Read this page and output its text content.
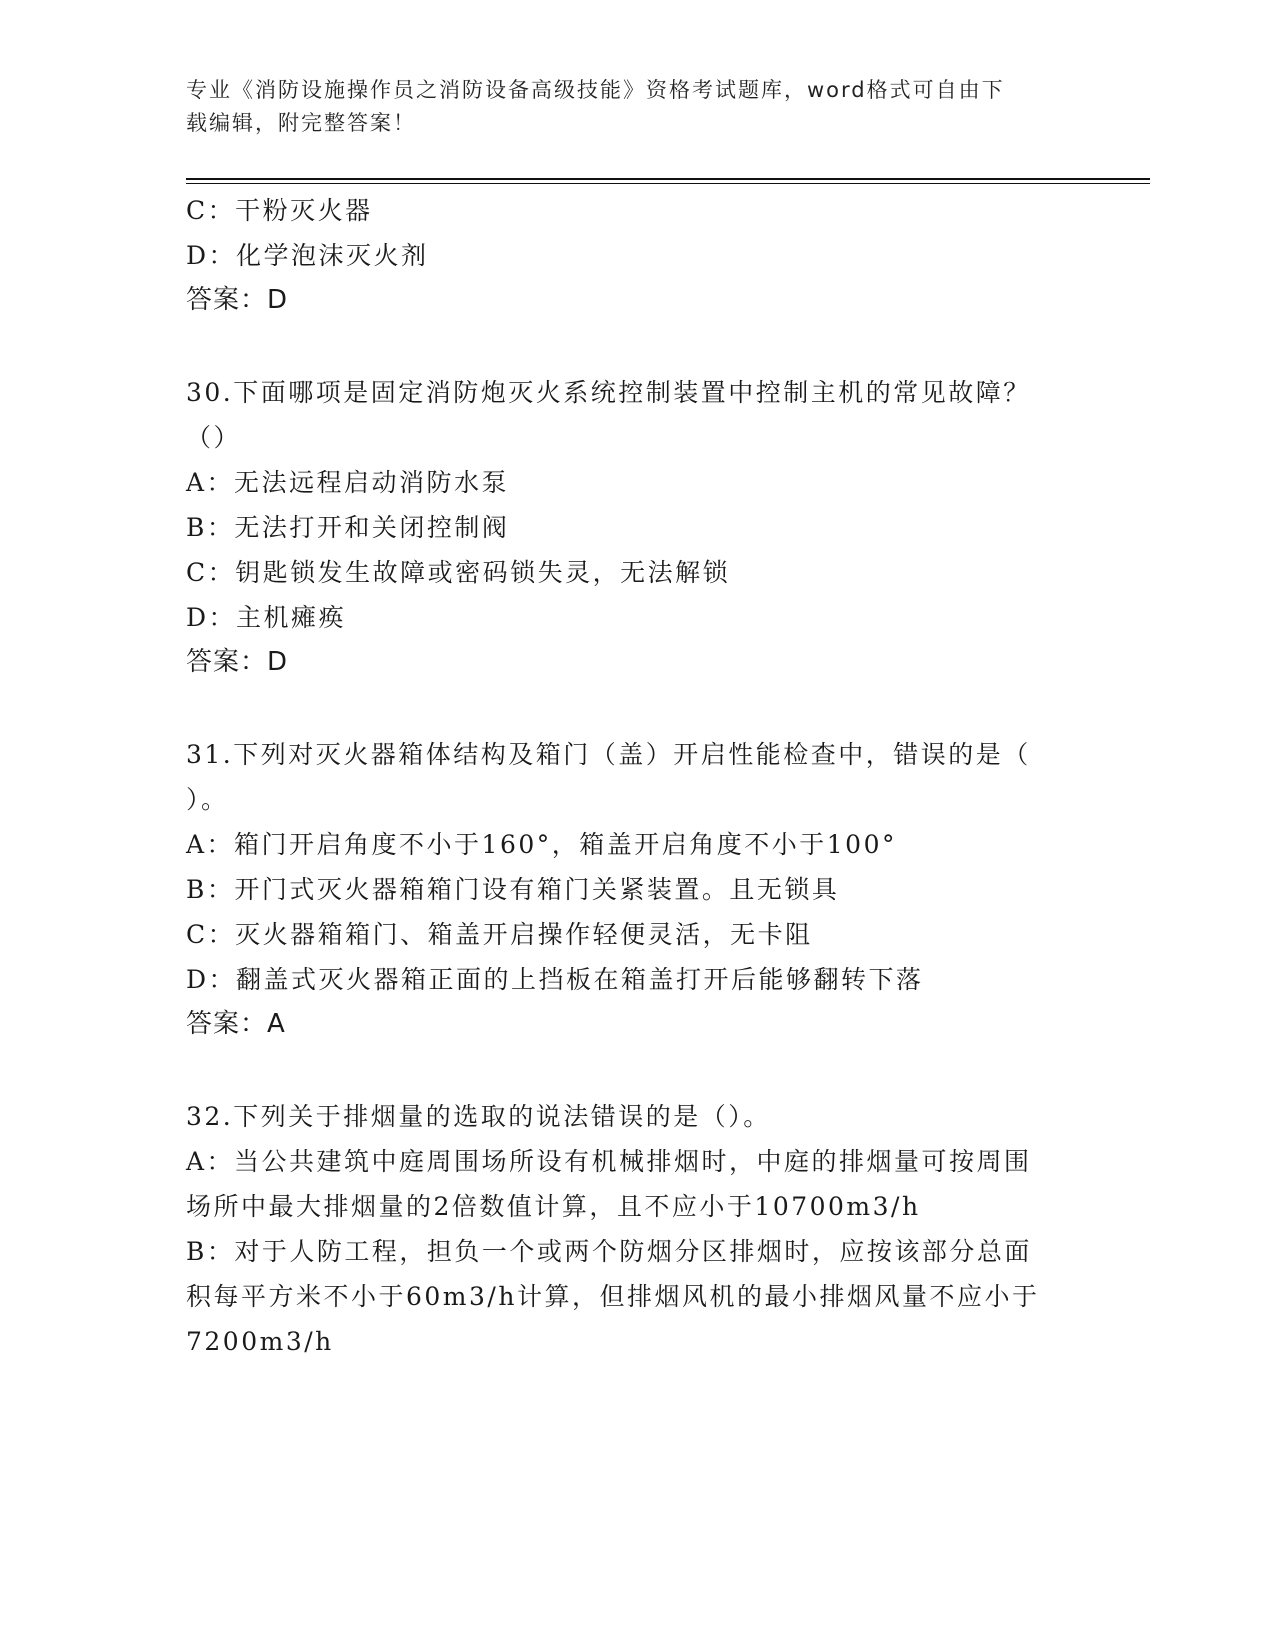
专业《消防设施操作员之消防设备高级技能》资格考试题库，word格式可自由下
载编辑，附完整答案！
C：干粉灭火器
D：化学泡沫灭火剂
答案：D
30.下面哪项是固定消防炮灭火系统控制装置中控制主机的常见故障？
（）
A：无法远程启动消防水泵
B：无法打开和关闭控制阀
C：钥匙锁发生故障或密码锁失灵，无法解锁
D：主机瘫痪
答案：D
31.下列对灭火器箱体结构及箱门（盖）开启性能检查中，错误的是（
）。
A：箱门开启角度不小于160°，箱盖开启角度不小于100°
B：开门式灭火器箱箱门设有箱门关紧装置。且无锁具
C：灭火器箱箱门、箱盖开启操作轻便灵活，无卡阻
D：翻盖式灭火器箱正面的上挡板在箱盖打开后能够翻转下落
答案：A
32.下列关于排烟量的选取的说法错误的是（）。
A：当公共建筑中庭周围场所设有机械排烟时，中庭的排烟量可按周围
场所中最大排烟量的2倍数值计算，且不应小于10700m3/h
B：对于人防工程，担负一个或两个防烟分区排烟时，应按该部分总面
积每平方米不小于60m3/h计算，但排烟风机的最小排烟风量不应小于
7200m3/h
